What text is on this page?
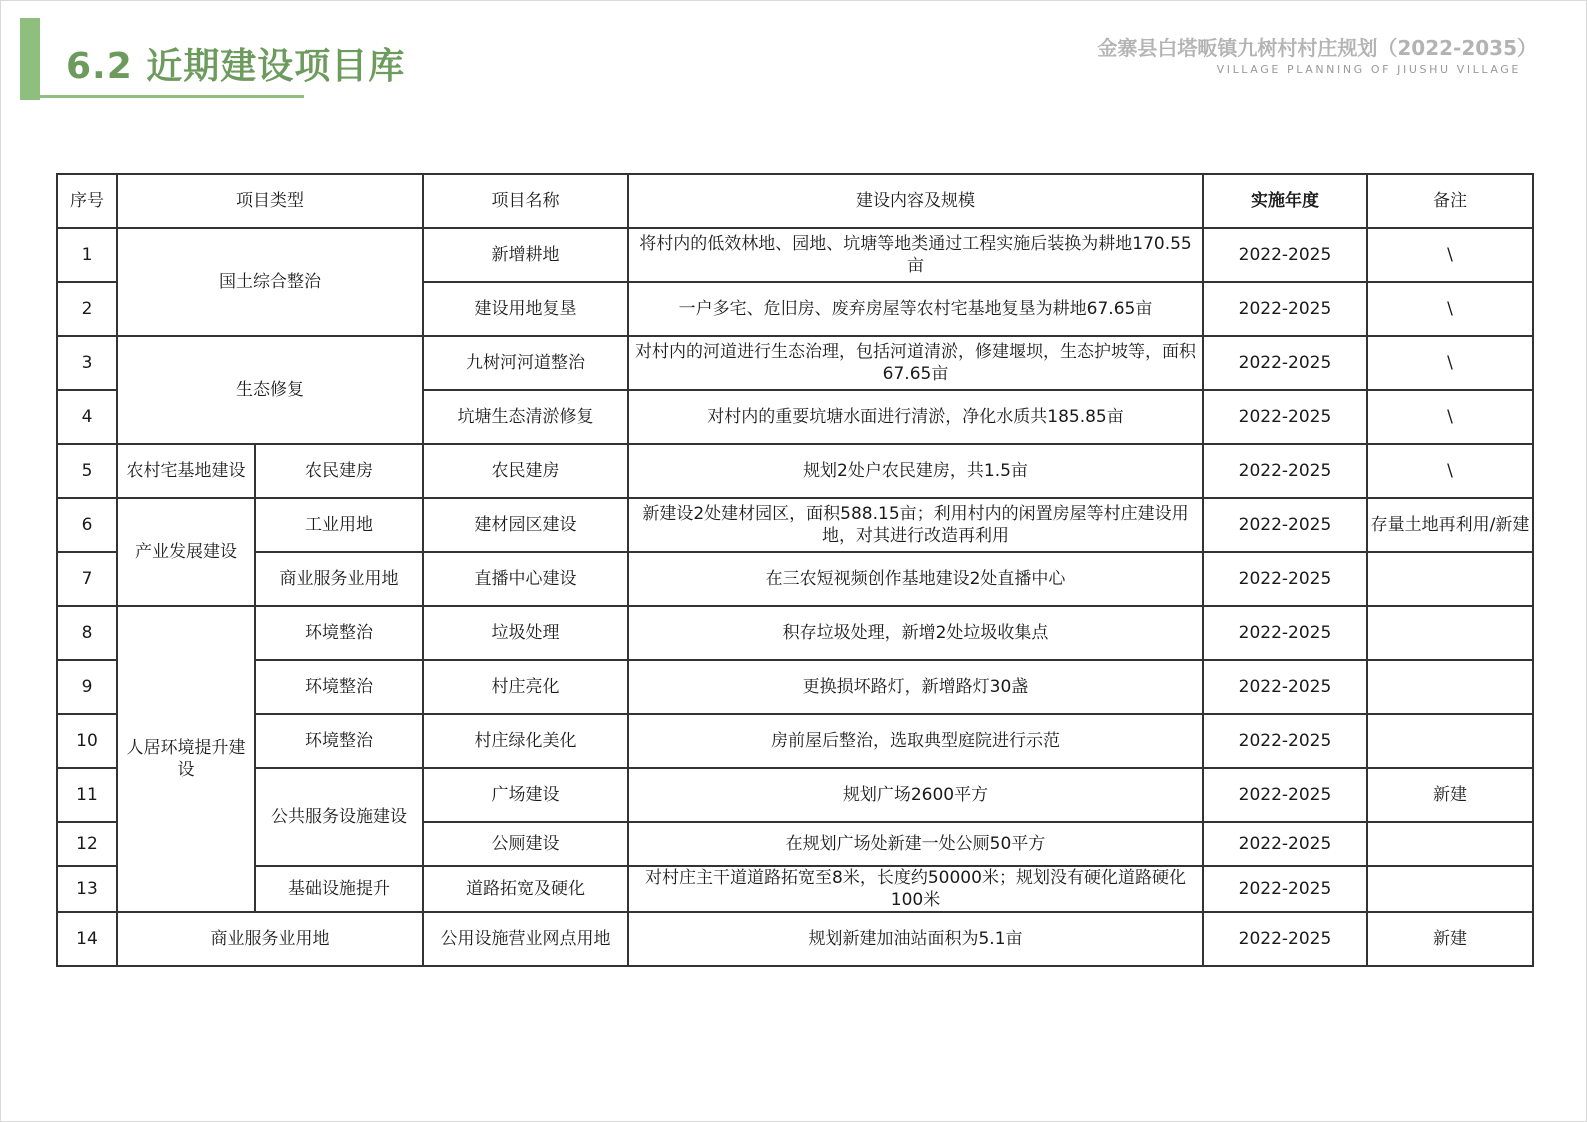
6.2 近期建设项目库	金寨县白塔畈镇九树村村庄规划（2022-2035）
VILLAGE PLANNING OF JIUSHU VILLAGE
序号	项目类型		项目名称	建设内容及规模	实施年度	备注
1	国土综合整治		新增耕地	将村内的低效林地、园地、坑塘等地类通过工程实施后装换为耕地170.55亩	2022-2025	\
2			建设用地复垦	一户多宅、危旧房、废弃房屋等农村宅基地复垦为耕地67.65亩	2022-2025	\
3	生态修复		九树河河道整治	对村内的河道进行生态治理，包括河道清淤，修建堰坝，生态护坡等，面积67.65亩	2022-2025	\
4			坑塘生态清淤修复	对村内的重要坑塘水面进行清淤，净化水质共185.85亩	2022-2025	\
5	农村宅基地建设	农民建房	农民建房	规划2处户农民建房，共1.5亩	2022-2025	\
6	产业发展建设	工业用地	建材园区建设	新建设2处建材园区，面积588.15亩；利用村内的闲置房屋等村庄建设用地，对其进行改造再利用	2022-2025	存量土地再利用/新建
7		商业服务业用地	直播中心建设	在三农短视频创作基地建设2处直播中心	2022-2025	
8	人居环境提升建设	环境整治	垃圾处理	积存垃圾处理，新增2处垃圾收集点	2022-2025	
9		环境整治	村庄亮化	更换损坏路灯，新增路灯30盏	2022-2025	
10		环境整治	村庄绿化美化	房前屋后整治，选取典型庭院进行示范	2022-2025	
11		公共服务设施建设	广场建设	规划广场2600平方	2022-2025	新建
12			公厕建设	在规划广场处新建一处公厕50平方	2022-2025	
13		基础设施提升	道路拓宽及硬化	对村庄主干道道路拓宽至8米，长度约50000米；规划没有硬化道路硬化100米	2022-2025	
14	商业服务业用地		公用设施营业网点用地	规划新建加油站面积为5.1亩	2022-2025	新建
